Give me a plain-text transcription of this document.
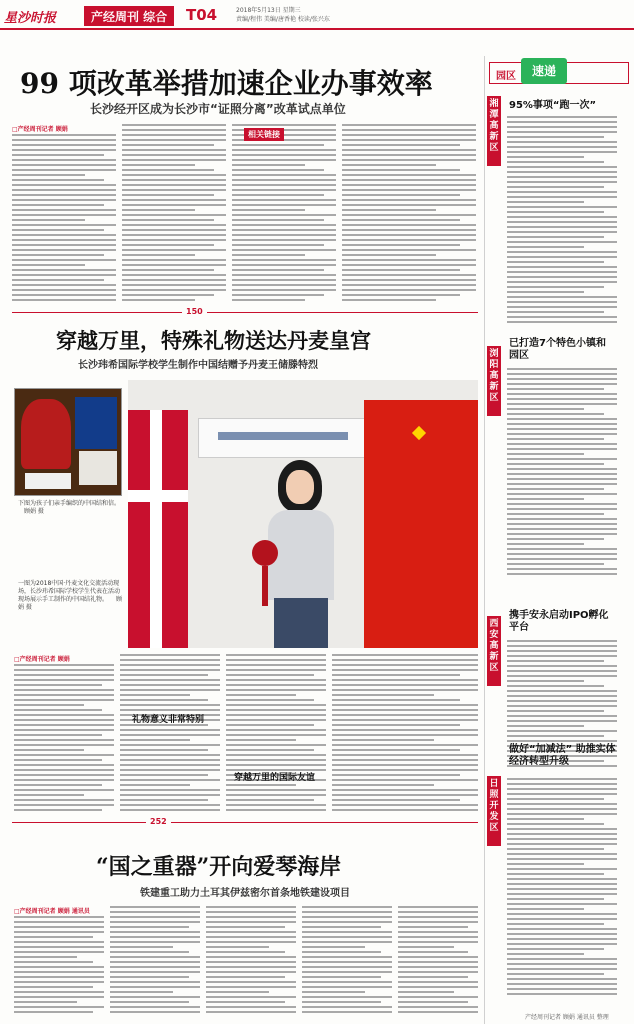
星沙时报	产经周刊 综合	T04	2018年5月13日 星期三
责编/程伟 美编/唐香艳 校读/张兴东
99 项改革举措加速企业办事效率
长沙经开区成为长沙市“证照分离”改革试点单位
□产经周刊记者 顾娟
相关链接
150
穿越万里，特殊礼物送达丹麦皇宫
长沙玮希国际学校学生制作中国结赠予丹麦王储滕特烈
下图为孩子们亲手编织的中国结和信。 顾娟 摄
一图为2018中国·丹麦文化交流活动现场，长沙玮希国际学校学生代表在活动现场展示手工制作的中国结礼物。 顾娟 摄
□产经周刊记者 顾娟
礼物意义非常特别
穿越万里的国际友谊
252
“国之重器”开向爱琴海岸
铁建重工助力土耳其伊兹密尔首条地铁建设项目
□产经周刊记者 顾娟 通讯员
园区	速递
湘潭高新区
95%事项“跑一次”
浏阳高新区
已打造7个特色小镇和园区
西安高新区
携手安永启动IPO孵化平台
日照开发区
做好“加减法” 助推实体经济转型升级
产经周刊记者 顾娟 通讯员 整理
